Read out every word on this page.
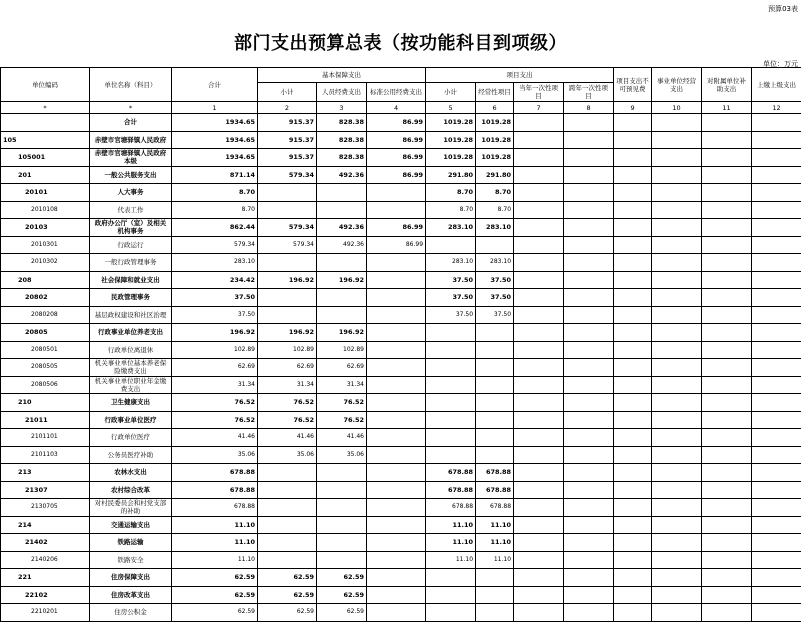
预算03表
部门支出预算总表（按功能科目到项级）
单位：万元
单位编码	单位名称（科目）	合计	基本保障支出			项目支出				项目支出不可预见费	事业单位经营支出	对附属单位补助支出	上缴上级支出
			小计	人员经费支出	标准公用经费支出	小计	经常性项目	当年一次性项目	跨年一次性项目				
*	*	1	2	3	4	5	6	7	8	9	10	11	12
	合计	1934.65	915.37	828.38	86.99	1019.28	1019.28						
105	赤壁市官塘驿镇人民政府	1934.65	915.37	828.38	86.99	1019.28	1019.28						
105001	赤壁市官塘驿镇人民政府本级	1934.65	915.37	828.38	86.99	1019.28	1019.28						
201	一般公共服务支出	871.14	579.34	492.36	86.99	291.80	291.80						
20101	人大事务	8.70				8.70	8.70						
2010108	代表工作	8.70				8.70	8.70						
20103	政府办公厅（室）及相关机构事务	862.44	579.34	492.36	86.99	283.10	283.10						
2010301	行政运行	579.34	579.34	492.36	86.99								
2010302	一般行政管理事务	283.10				283.10	283.10						
208	社会保障和就业支出	234.42	196.92	196.92		37.50	37.50						
20802	民政管理事务	37.50				37.50	37.50						
2080208	基层政权建设和社区治理	37.50				37.50	37.50						
20805	行政事业单位养老支出	196.92	196.92	196.92									
2080501	行政单位离退休	102.89	102.89	102.89									
2080505	机关事业单位基本养老保险缴费支出	62.69	62.69	62.69									
2080506	机关事业单位职业年金缴费支出	31.34	31.34	31.34									
210	卫生健康支出	76.52	76.52	76.52									
21011	行政事业单位医疗	76.52	76.52	76.52									
2101101	行政单位医疗	41.46	41.46	41.46									
2101103	公务员医疗补助	35.06	35.06	35.06									
213	农林水支出	678.88				678.88	678.88						
21307	农村综合改革	678.88				678.88	678.88						
2130705	对村民委员会和村党支部的补助	678.88				678.88	678.88						
214	交通运输支出	11.10				11.10	11.10						
21402	铁路运输	11.10				11.10	11.10						
2140206	铁路安全	11.10				11.10	11.10						
221	住房保障支出	62.59	62.59	62.59									
22102	住房改革支出	62.59	62.59	62.59									
2210201	住房公积金	62.59	62.59	62.59									
